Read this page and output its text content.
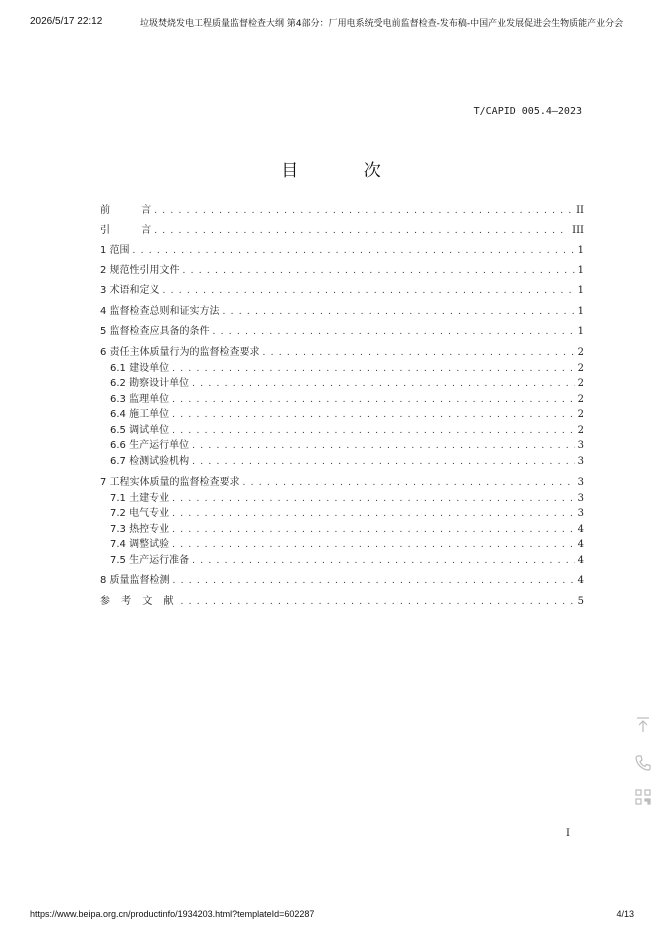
2026/5/17 22:12	垃圾焚烧发电工程质量监督检查大纲 第4部分：厂用电系统受电前监督检查-发布稿-中国产业发展促进会生物质能产业分会
T/CAPID 005.4—2023
目 次
前 言 . . .	II
引 言 . . .	III
1 范围 . . .	1
2 规范性引用文件 . . .	1
3 术语和定义 . . .	1
4 监督检查总则和证实方法 . . .	1
5 监督检查应具备的条件 . . .	1
6 责任主体质量行为的监督检查要求 . . .	2
6.1 建设单位 . . .	2
6.2 勘察设计单位 . . .	2
6.3 监理单位 . . .	2
6.4 施工单位 . . .	2
6.5 调试单位 . . .	2
6.6 生产运行单位 . . .	3
6.7 检测试验机构 . . .	3
7 工程实体质量的监督检查要求 . . .	3
7.1 土建专业 . . .	3
7.2 电气专业 . . .	3
7.3 热控专业 . . .	4
7.4 调整试验 . . .	4
7.5 生产运行准备 . . .	4
8 质量监督检测 . . .	4
参 考 文 献 . . .	5
I
https://www.beipa.org.cn/productinfo/1934203.html?templateId=602287	4/13
